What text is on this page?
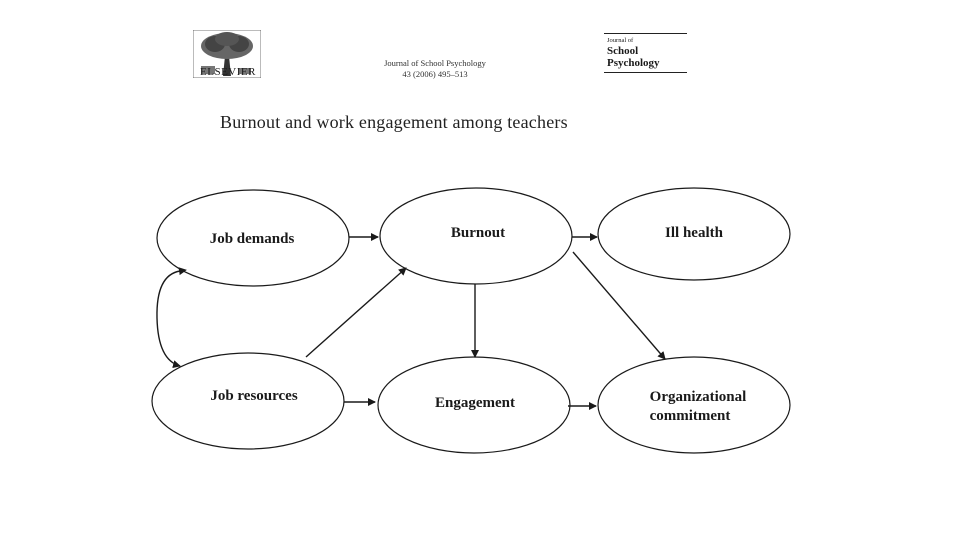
ELSEVIER
Journal of School Psychology
43 (2006) 495–513
Journal of
School
Psychology
Burnout and work engagement among teachers
Job demands	Burnout	Ill health
Job resources	Engagement	Organizational
commitment
